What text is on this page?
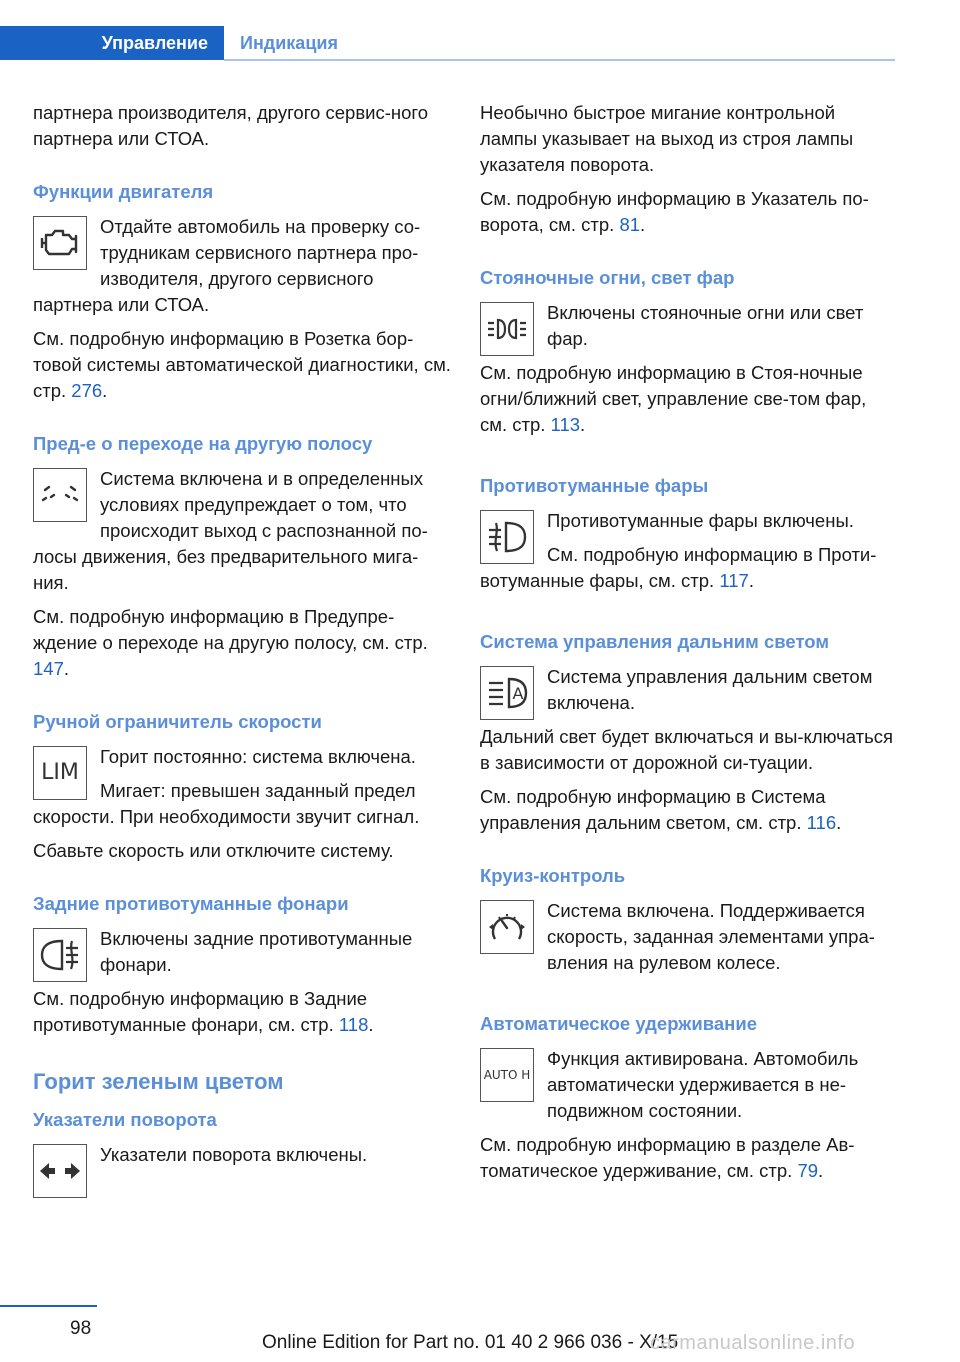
Управление	Индикация

партнера производителя, другого сервис-ного партнера или СТОА.

Функции двигателя

Отдайте автомобиль на проверку со-трудникам сервисного партнера про-изводителя, другого сервисного партнера или СТОА.

См. подробную информацию в Розетка бор-товой системы автоматической диагностики, см. стр. 276.

Пред-е о переходе на другую полосу

Система включена и в определенных условиях предупреждает о том, что происходит выход с распознанной по-лосы движения, без предварительного мига-ния.

См. подробную информацию в Предупре-ждение о переходе на другую полосу, см. стр. 147.

Ручной ограничитель скорости
LIM

Горит постоянно: система включена.

Мигает: превышен заданный предел скорости. При необходимости звучит сигнал.

Сбавьте скорость или отключите систему.

Задние противотуманные фонари

Включены задние противотуманные фонари.

См. подробную информацию в Задние противотуманные фонари, см. стр. 118.

Горит зеленым цветом
Указатели поворота

Указатели поворота включены.

Необычно быстрое мигание контрольной лампы указывает на выход из строя лампы указателя поворота.

См. подробную информацию в Указатель по-ворота, см. стр. 81.

Стояночные огни, свет фар

Включены стояночные огни или свет фар.

См. подробную информацию в Стоя-ночные огни/ближний свет, управление све-том фар, см. стр. 113.

Противотуманные фары

Противотуманные фары включены.

См. подробную информацию в Проти-вотуманные фары, см. стр. 117.

Система управления дальним светом
A

Система управления дальним светом включена.

Дальний свет будет включаться и вы-ключаться в зависимости от дорожной си-туации.

См. подробную информацию в Система управления дальним светом, см. стр. 116.

Круиз-контроль

Система включена. Поддерживается скорость, заданная элементами упра-вления на рулевом колесе.

Автоматическое удерживание
AUTO H

Функция активирована. Автомобиль автоматически удерживается в не-подвижном состоянии.

См. подробную информацию в разделе Ав-томатическое удерживание, см. стр. 79.

98
Online Edition for Part no. 01 40 2 966 036 - X/15
carmanualsonline.info
